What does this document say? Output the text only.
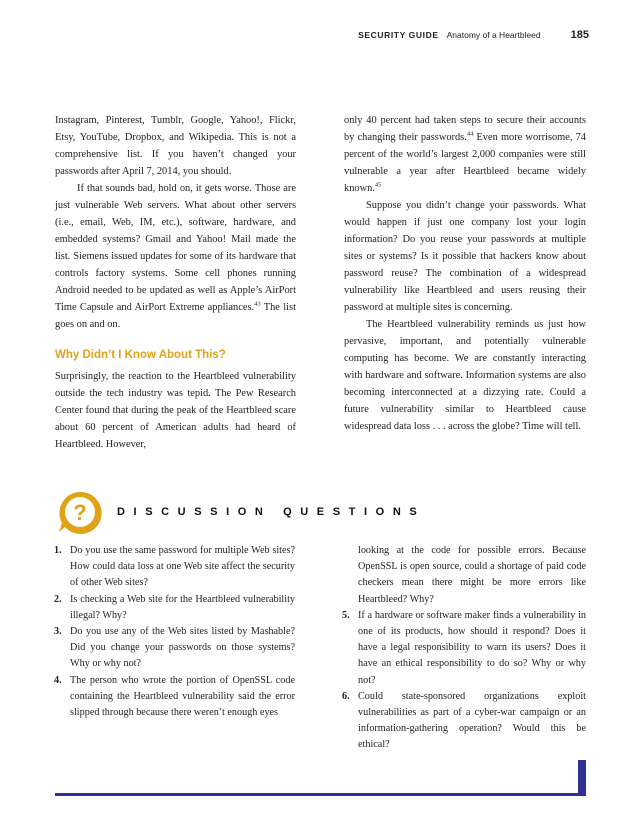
SECURITY GUIDE Anatomy of a Heartbleed	185

Instagram, Pinterest, Tumblr, Google, Yahoo!, Flickr, Etsy, YouTube, Dropbox, and Wikipedia. This is not a comprehensive list. If you haven’t changed your passwords after April 7, 2014, you should.

If that sounds bad, hold on, it gets worse. Those are just vulnerable Web servers. What about other servers (i.e., email, Web, IM, etc.), software, hardware, and embedded systems? Gmail and Yahoo! Mail made the list. Siemens issued updates for some of its hardware that controls factory systems. Some cell phones running Android needed to be updated as well as Apple’s AirPort Time Capsule and AirPort Extreme appliances.$^{43}$ The list goes on and on.

Why Didn’t I Know About This?

Surprisingly, the reaction to the Heartbleed vulnerability outside the tech industry was tepid. The Pew Research Center found that during the peak of the Heartbleed scare about 60 percent of American adults had heard of Heartbleed. However,

only 40 percent had taken steps to secure their accounts by changing their passwords.$^{44}$ Even more worrisome, 74 percent of the world’s largest 2,000 companies were still vulnerable a year after Heartbleed became widely known.$^{45}$

Suppose you didn’t change your passwords. What would happen if just one company lost your login information? Do you reuse your passwords at multiple sites or systems? Is it possible that hackers know about password reuse? The combination of a widespread vulnerability like Heartbleed and users reusing their password at multiple sites is concerning.

The Heartbleed vulnerability reminds us just how pervasive, important, and potentially vulnerable computing has become. We are constantly interacting with hardware and software. Information systems are also becoming interconnected at a dizzying rate. Could a future vulnerability similar to Heartbleed cause widespread data loss . . . across the globe? Time will tell.

?	DISCUSSION QUESTIONS
1. Do you use the same password for multiple Web sites? How could data loss at one Web site affect the security of other Web sites?
2. Is checking a Web site for the Heartbleed vulnerability illegal? Why?
3. Do you use any of the Web sites listed by Mashable? Did you change your passwords on those systems? Why or why not?
4. The person who wrote the portion of OpenSSL code containing the Heartbleed vulnerability said the error slipped through because there weren’t enough eyes
looking at the code for possible errors. Because OpenSSL is open source, could a shortage of paid code checkers mean there might be more errors like Heartbleed? Why?
5. If a hardware or software maker finds a vulnerability in one of its products, how should it respond? Does it have a legal responsibility to warn its users? Does it have an ethical responsibility to do so? Why or why not?
6. Could state-sponsored organizations exploit vulnerabilities as part of a cyber-war campaign or an information-gathering operation? Would this be ethical?
